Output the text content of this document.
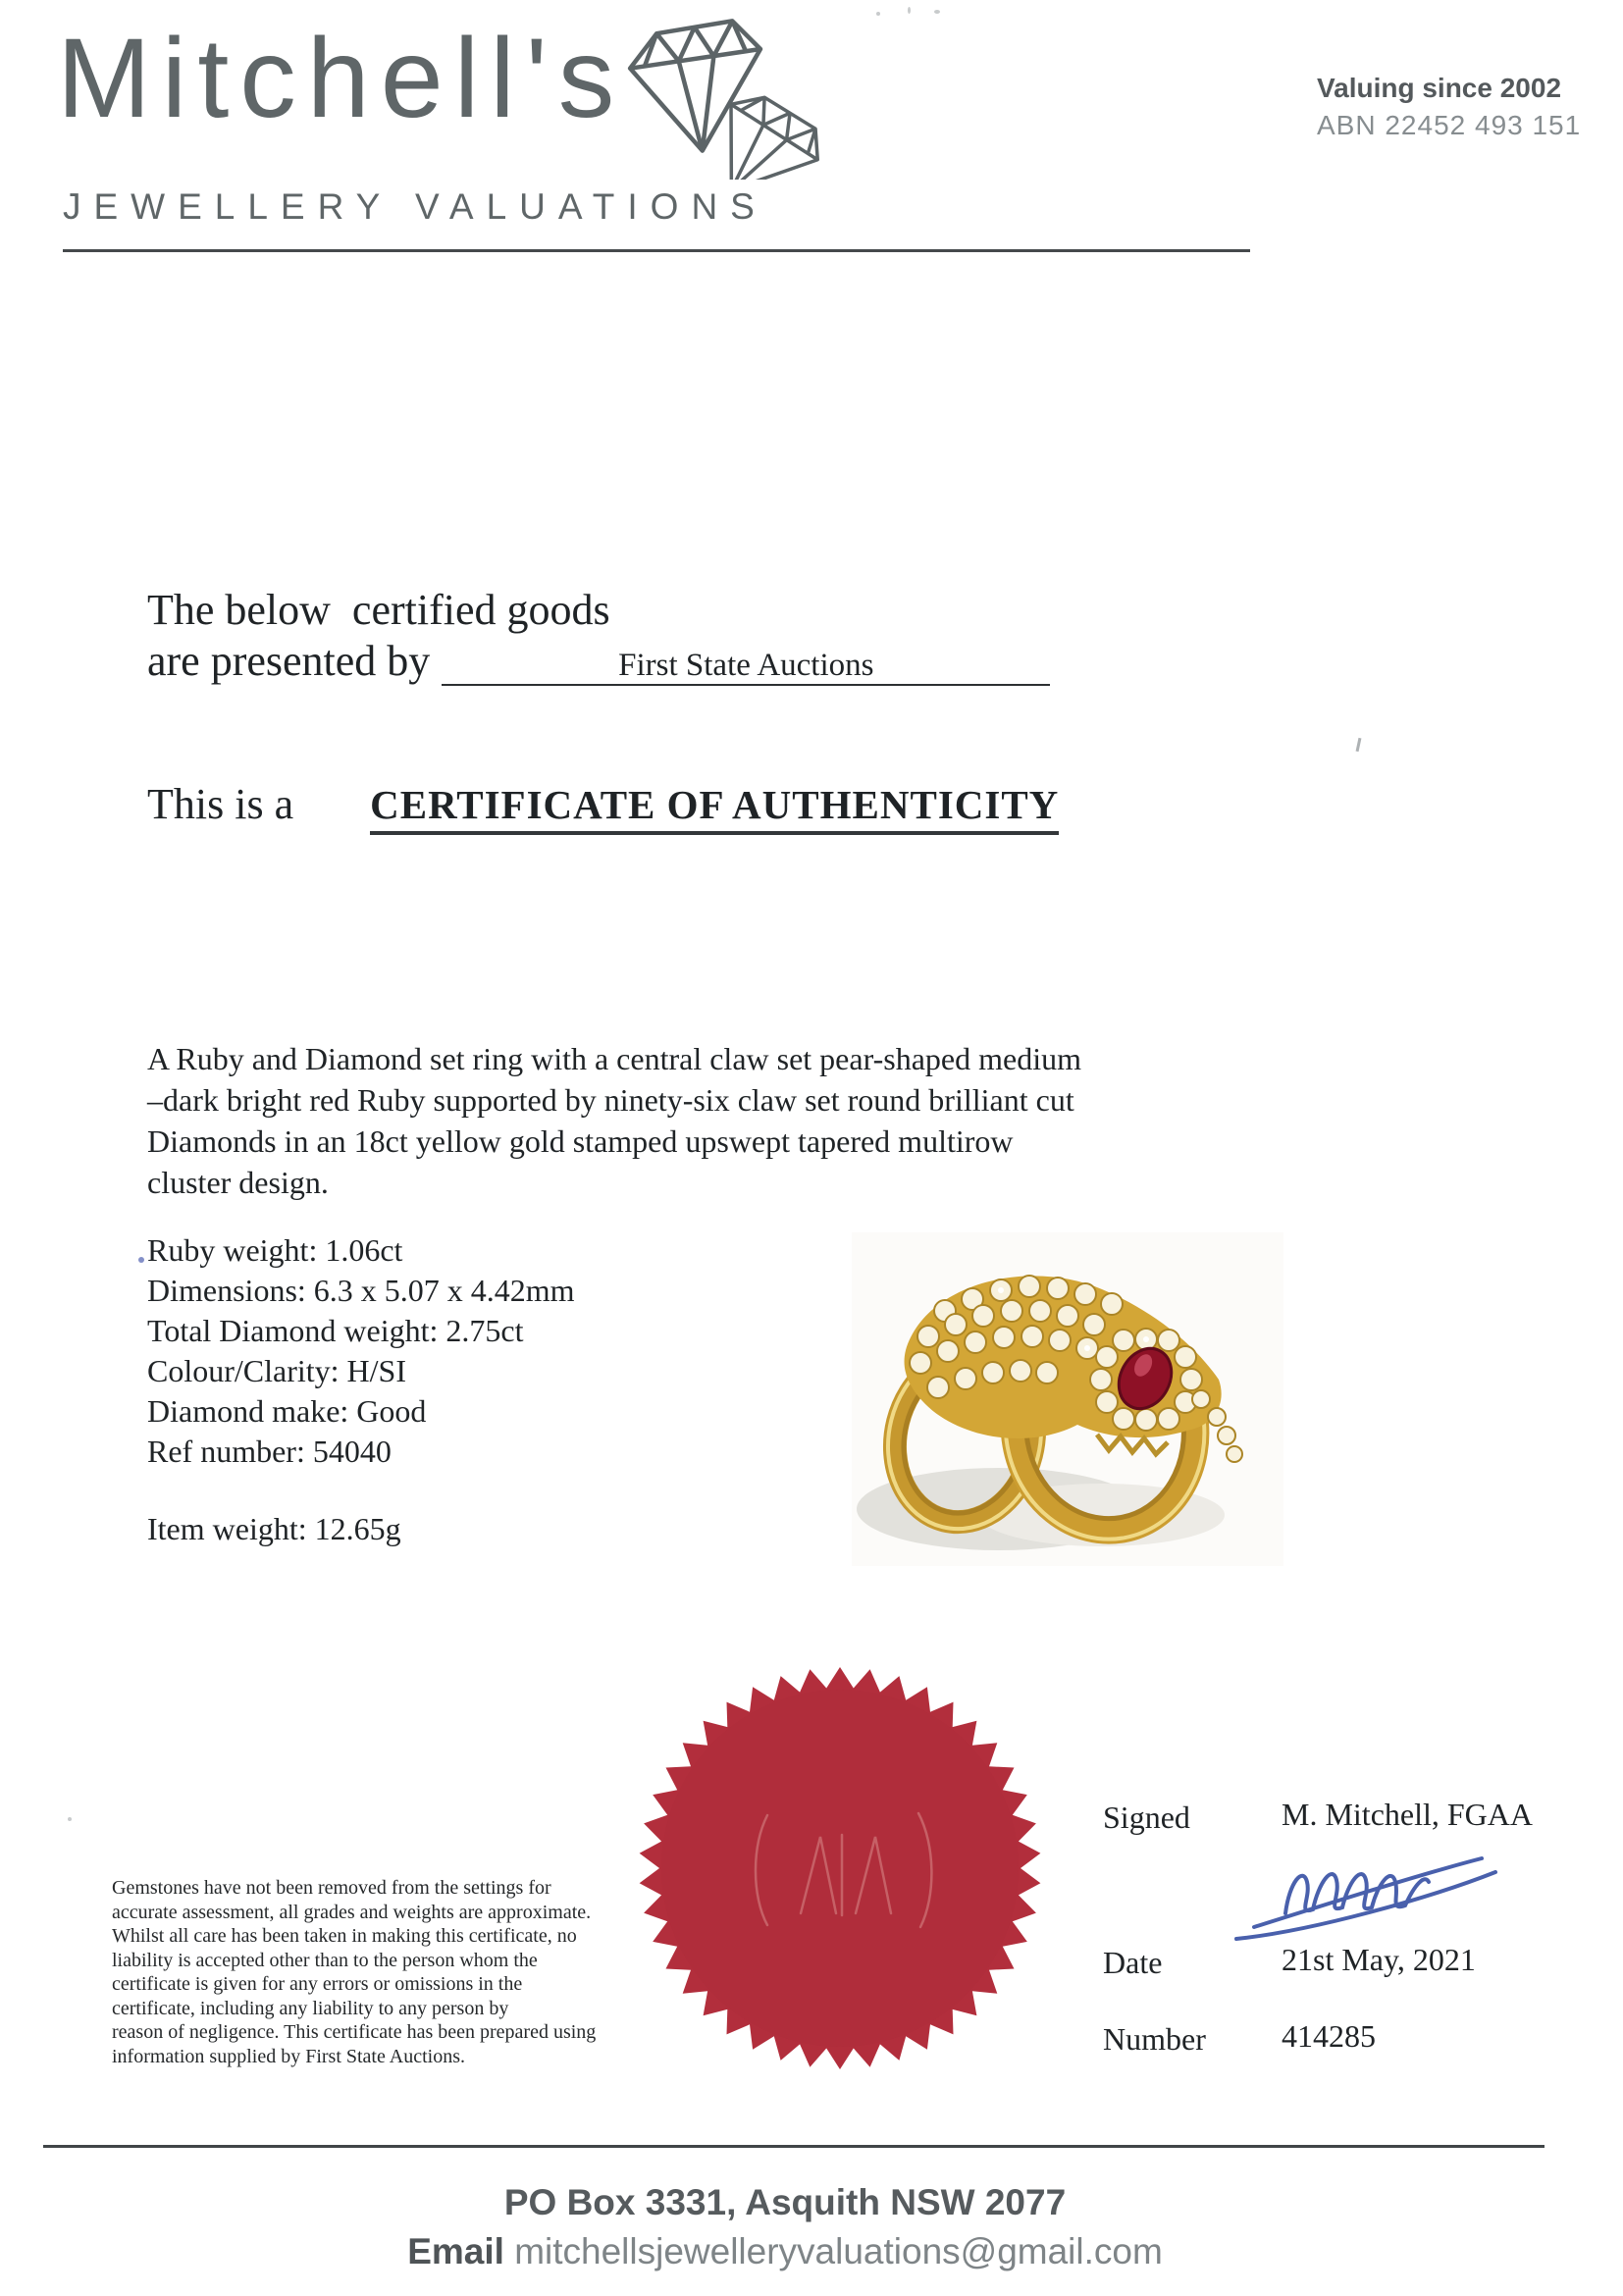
Mitchell's
JEWELLERY VALUATIONS
Valuing since 2002
ABN 22452 493 151
The below  certified goods
are presented by	First State Auctions
This is a CERTIFICATE OF AUTHENTICITY
A Ruby and Diamond set ring with a central claw set pear-shaped medium
–dark bright red Ruby supported by ninety-six claw set round brilliant cut
Diamonds in an 18ct yellow gold stamped upswept tapered multirow
cluster design.
Ruby weight: 1.06ct
Dimensions: 6.3 x 5.07 x 4.42mm
Total Diamond weight: 2.75ct
Colour/Clarity: H/SI
Diamond make: Good
Ref number: 54040
Item weight: 12.65g
Gemstones have not been removed from the settings for
accurate assessment, all grades and weights are approximate.
Whilst all care has been taken in making this certificate, no
liability is accepted other than to the person whom the
certificate is given for any errors or omissions in the
certificate, including any liability to any person by
reason of negligence. This certificate has been prepared using
information supplied by First State Auctions.
Signed	M. Mitchell, FGAA
Date	21st May, 2021
Number 414285
PO Box 3331, Asquith NSW 2077
Email mitchellsjewelleryvaluations@gmail.com
